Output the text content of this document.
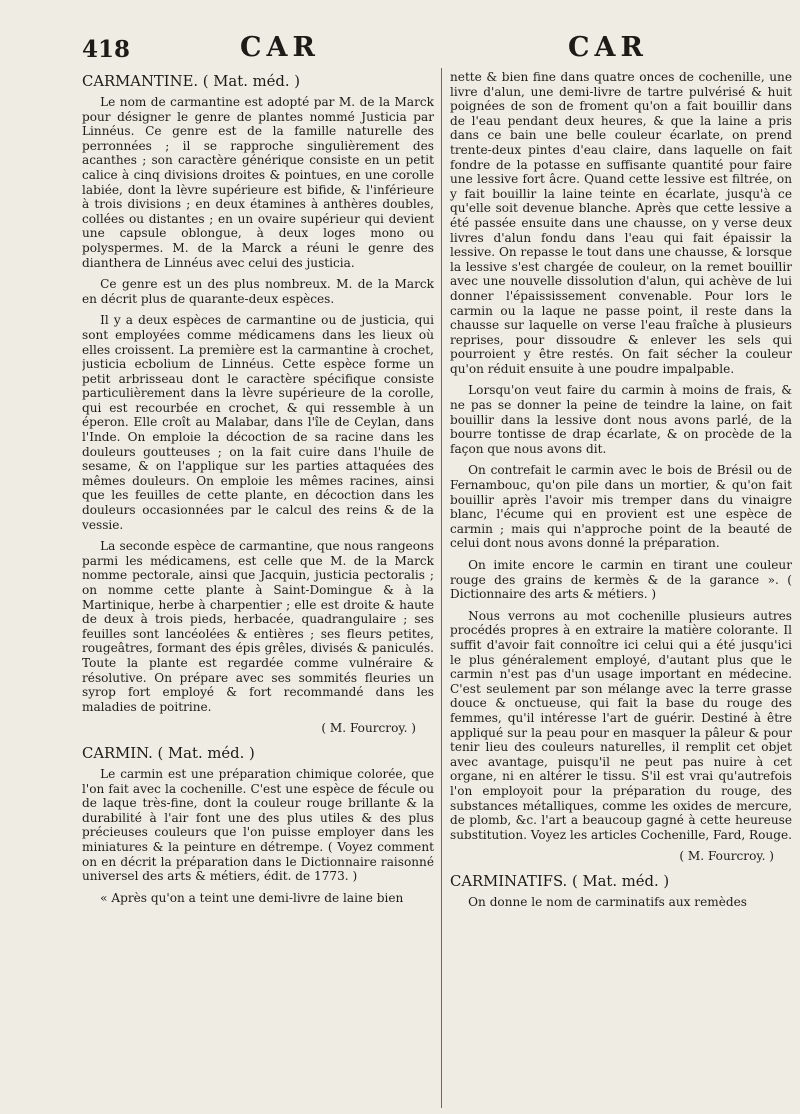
418	CAR	CAR

CARMANTINE. ( Mat. méd. )

Le nom de carmantine est adopté par M. de la Marck pour désigner le genre de plantes nommé Justicia par Linnéus. Ce genre est de la famille naturelle des perronnées ; il se rapproche singulièrement des acanthes ; son caractère générique consiste en un petit calice à cinq divisions droites & pointues, en une corolle labiée, dont la lèvre supérieure est bifide, & l'inférieure à trois divisions ; en deux étamines à anthères doubles, collées ou distantes ; en un ovaire supérieur qui devient une capsule oblongue, à deux loges mono ou polyspermes. M. de la Marck a réuni le genre des dianthera de Linnéus avec celui des justicia.

Ce genre est un des plus nombreux. M. de la Marck en décrit plus de quarante-deux espèces.

Il y a deux espèces de carmantine ou de justicia, qui sont employées comme médicamens dans les lieux où elles croissent. La première est la carmantine à crochet, justicia ecbolium de Linnéus. Cette espèce forme un petit arbrisseau dont le caractère spécifique consiste particulièrement dans la lèvre supérieure de la corolle, qui est recourbée en crochet, & qui ressemble à un éperon. Elle croît au Malabar, dans l'île de Ceylan, dans l'Inde. On emploie la décoction de sa racine dans les douleurs goutteuses ; on la fait cuire dans l'huile de sesame, & on l'applique sur les parties attaquées des mêmes douleurs. On emploie les mêmes racines, ainsi que les feuilles de cette plante, en décoction dans les douleurs occasionnées par le calcul des reins & de la vessie.

La seconde espèce de carmantine, que nous rangeons parmi les médicamens, est celle que M. de la Marck nomme pectorale, ainsi que Jacquin, justicia pectoralis ; on nomme cette plante à Saint-Domingue & à la Martinique, herbe à charpentier ; elle est droite & haute de deux à trois pieds, herbacée, quadrangulaire ; ses feuilles sont lancéolées & entières ; ses fleurs petites, rougeâtres, formant des épis grêles, divisés & paniculés. Toute la plante est regardée comme vulnéraire & résolutive. On prépare avec ses sommités fleuries un syrop fort employé & fort recommandé dans les maladies de poitrine.

( M. Fourcroy. )

CARMIN. ( Mat. méd. )

Le carmin est une préparation chimique colorée, que l'on fait avec la cochenille. C'est une espèce de fécule ou de laque très-fine, dont la couleur rouge brillante & la durabilité à l'air font une des plus utiles & des plus précieuses couleurs que l'on puisse employer dans les miniatures & la peinture en détrempe. ( Voyez comment on en décrit la préparation dans le Dictionnaire raisonné universel des arts & métiers, édit. de 1773. )

« Après qu'on a teint une demi-livre de laine bien

nette & bien fine dans quatre onces de cochenille, une livre d'alun, une demi-livre de tartre pulvérisé & huit poignées de son de froment qu'on a fait bouillir dans de l'eau pendant deux heures, & que la laine a pris dans ce bain une belle couleur écarlate, on prend trente-deux pintes d'eau claire, dans laquelle on fait fondre de la potasse en suffisante quantité pour faire une lessive fort âcre. Quand cette lessive est filtrée, on y fait bouillir la laine teinte en écarlate, jusqu'à ce qu'elle soit devenue blanche. Après que cette lessive a été passée ensuite dans une chausse, on y verse deux livres d'alun fondu dans l'eau qui fait épaissir la lessive. On repasse le tout dans une chausse, & lorsque la lessive s'est chargée de couleur, on la remet bouillir avec une nouvelle dissolution d'alun, qui achève de lui donner l'épaississement convenable. Pour lors le carmin ou la laque ne passe point, il reste dans la chausse sur laquelle on verse l'eau fraîche à plusieurs reprises, pour dissoudre & enlever les sels qui pourroient y être restés. On fait sécher la couleur qu'on réduit ensuite à une poudre impalpable.

Lorsqu'on veut faire du carmin à moins de frais, & ne pas se donner la peine de teindre la laine, on fait bouillir dans la lessive dont nous avons parlé, de la bourre tontisse de drap écarlate, & on procède de la façon que nous avons dit.

On contrefait le carmin avec le bois de Brésil ou de Fernambouc, qu'on pile dans un mortier, & qu'on fait bouillir après l'avoir mis tremper dans du vinaigre blanc, l'écume qui en provient est une espèce de carmin ; mais qui n'approche point de la beauté de celui dont nous avons donné la préparation.

On imite encore le carmin en tirant une couleur rouge des grains de kermès & de la garance ». ( Dictionnaire des arts & métiers. )

Nous verrons au mot cochenille plusieurs autres procédés propres à en extraire la matière colorante. Il suffit d'avoir fait connoître ici celui qui a été jusqu'ici le plus généralement employé, d'autant plus que le carmin n'est pas d'un usage important en médecine. C'est seulement par son mélange avec la terre grasse douce & onctueuse, qui fait la base du rouge des femmes, qu'il intéresse l'art de guérir. Destiné à être appliqué sur la peau pour en masquer la pâleur & pour tenir lieu des couleurs naturelles, il remplit cet objet avec avantage, puisqu'il ne peut pas nuire à cet organe, ni en altérer le tissu. S'il est vrai qu'autrefois l'on employoit pour la préparation du rouge, des substances métalliques, comme les oxides de mercure, de plomb, &c. l'art a beaucoup gagné à cette heureuse substitution. Voyez les articles Cochenille, Fard, Rouge.

( M. Fourcroy. )

CARMINATIFS. ( Mat. méd. )

On donne le nom de carminatifs aux remèdes
